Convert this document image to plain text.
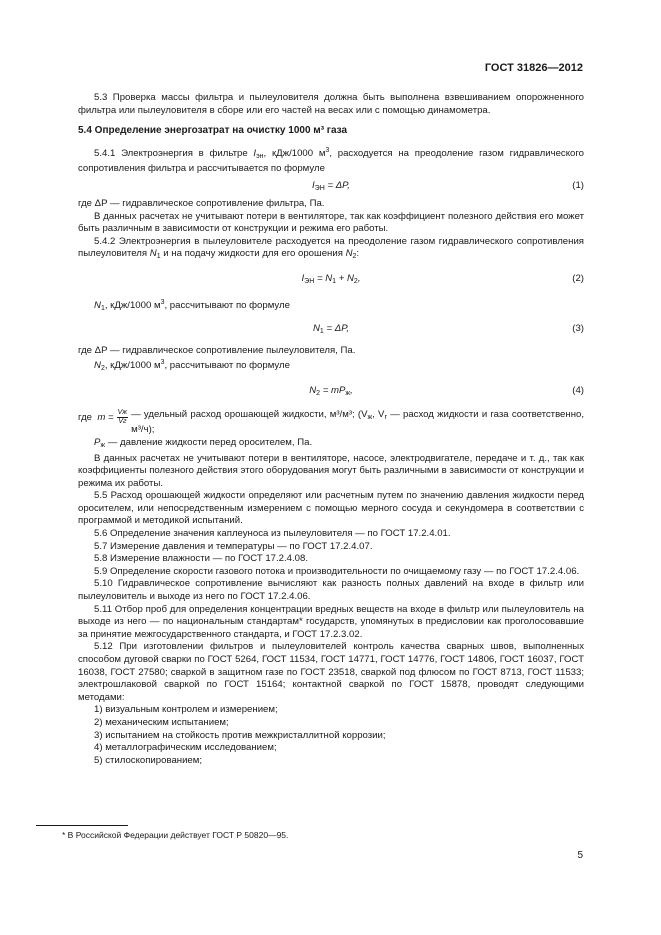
ГОСТ 31826—2012

5.3 Проверка массы фильтра и пылеуловителя должна быть выполнена взвешиванием опорожненного фильтра или пылеуловителя в сборе или его частей на весах или с помощью динамометра.

5.4 Определение энергозатрат на очистку 1000 м³ газа

5.4.1 Электроэнергия в фильтре $I_{эн}$, кДж/1000 $м^3$, расходуется на преодоление газом гидравлического сопротивления фильтра и рассчитывается по формуле

$I_{ЭН} = \Delta P$,	(1)

где ΔP — гидравлическое сопротивление фильтра, Па.

В данных расчетах не учитывают потери в вентиляторе, так как коэффициент полезного действия его может быть различным в зависимости от конструкции и режима его работы.

5.4.2 Электроэнергия в пылеуловителе расходуется на преодоление газом гидравлического сопротивления пылеуловителя $N_1$ и на подачу жидкости для его орошения $N_2$:

$I_{ЭН} = N_1 + N_2$,	(2)

$N_1$, кДж/1000 $м^3$, рассчитывают по формуле

$N_1 = \Delta P$,	(3)

где ΔP — гидравлическое сопротивление пылеуловителя, Па.

$N_2$, кДж/1000 $м^3$, рассчитывают по формуле

$N_2 = mP_ж$,	(4)
где $m = \frac{Vж}{Vг}$ — удельный расход орошающей жидкости, м³/м³; ($V_ж$, $V_г$ — расход жидкости и газа соответственно, м³/ч);

$P_ж$ — давление жидкости перед оросителем, Па.

В данных расчетах не учитывают потери в вентиляторе, насосе, электродвигателе, передаче и т. д., так как коэффициенты полезного действия этого оборудования могут быть различными в зависимости от конструкции и режима их работы.

5.5 Расход орошающей жидкости определяют или расчетным путем по значению давления жидкости перед оросителем, или непосредственным измерением с помощью мерного сосуда и секундомера в соответствии с программой и методикой испытаний.

5.6 Определение значения каплеуноса из пылеуловителя — по ГОСТ 17.2.4.01.

5.7 Измерение давления и температуры — по ГОСТ 17.2.4.07.

5.8 Измерение влажности — по ГОСТ 17.2.4.08.

5.9 Определение скорости газового потока и производительности по очищаемому газу — по ГОСТ 17.2.4.06.

5.10 Гидравлическое сопротивление вычисляют как разность полных давлений на входе в фильтр или пылеуловитель и выходе из него по ГОСТ 17.2.4.06.

5.11 Отбор проб для определения концентрации вредных веществ на входе в фильтр или пылеуловитель на выходе из него — по национальным стандартам* государств, упомянутых в предисловии как проголосовавшие за принятие межгосударственного стандарта, и ГОСТ 17.2.3.02.

5.12 При изготовлении фильтров и пылеуловителей контроль качества сварных швов, выполненных способом дуговой сварки по ГОСТ 5264, ГОСТ 11534, ГОСТ 14771, ГОСТ 14776, ГОСТ 14806, ГОСТ 16037, ГОСТ 16038, ГОСТ 27580; сваркой в защитном газе по ГОСТ 23518, сваркой под флюсом по ГОСТ 8713, ГОСТ 11533; электрошлаковой сваркой по ГОСТ 15164; контактной сваркой по ГОСТ 15878, проводят следующими методами:

1) визуальным контролем и измерением;
2) механическим испытанием;
3) испытанием на стойкость против межкристаллитной коррозии;
4) металлографическим исследованием;
5) стилоскопированием;
* В Российской Федерации действует ГОСТ Р 50820—95.
5
